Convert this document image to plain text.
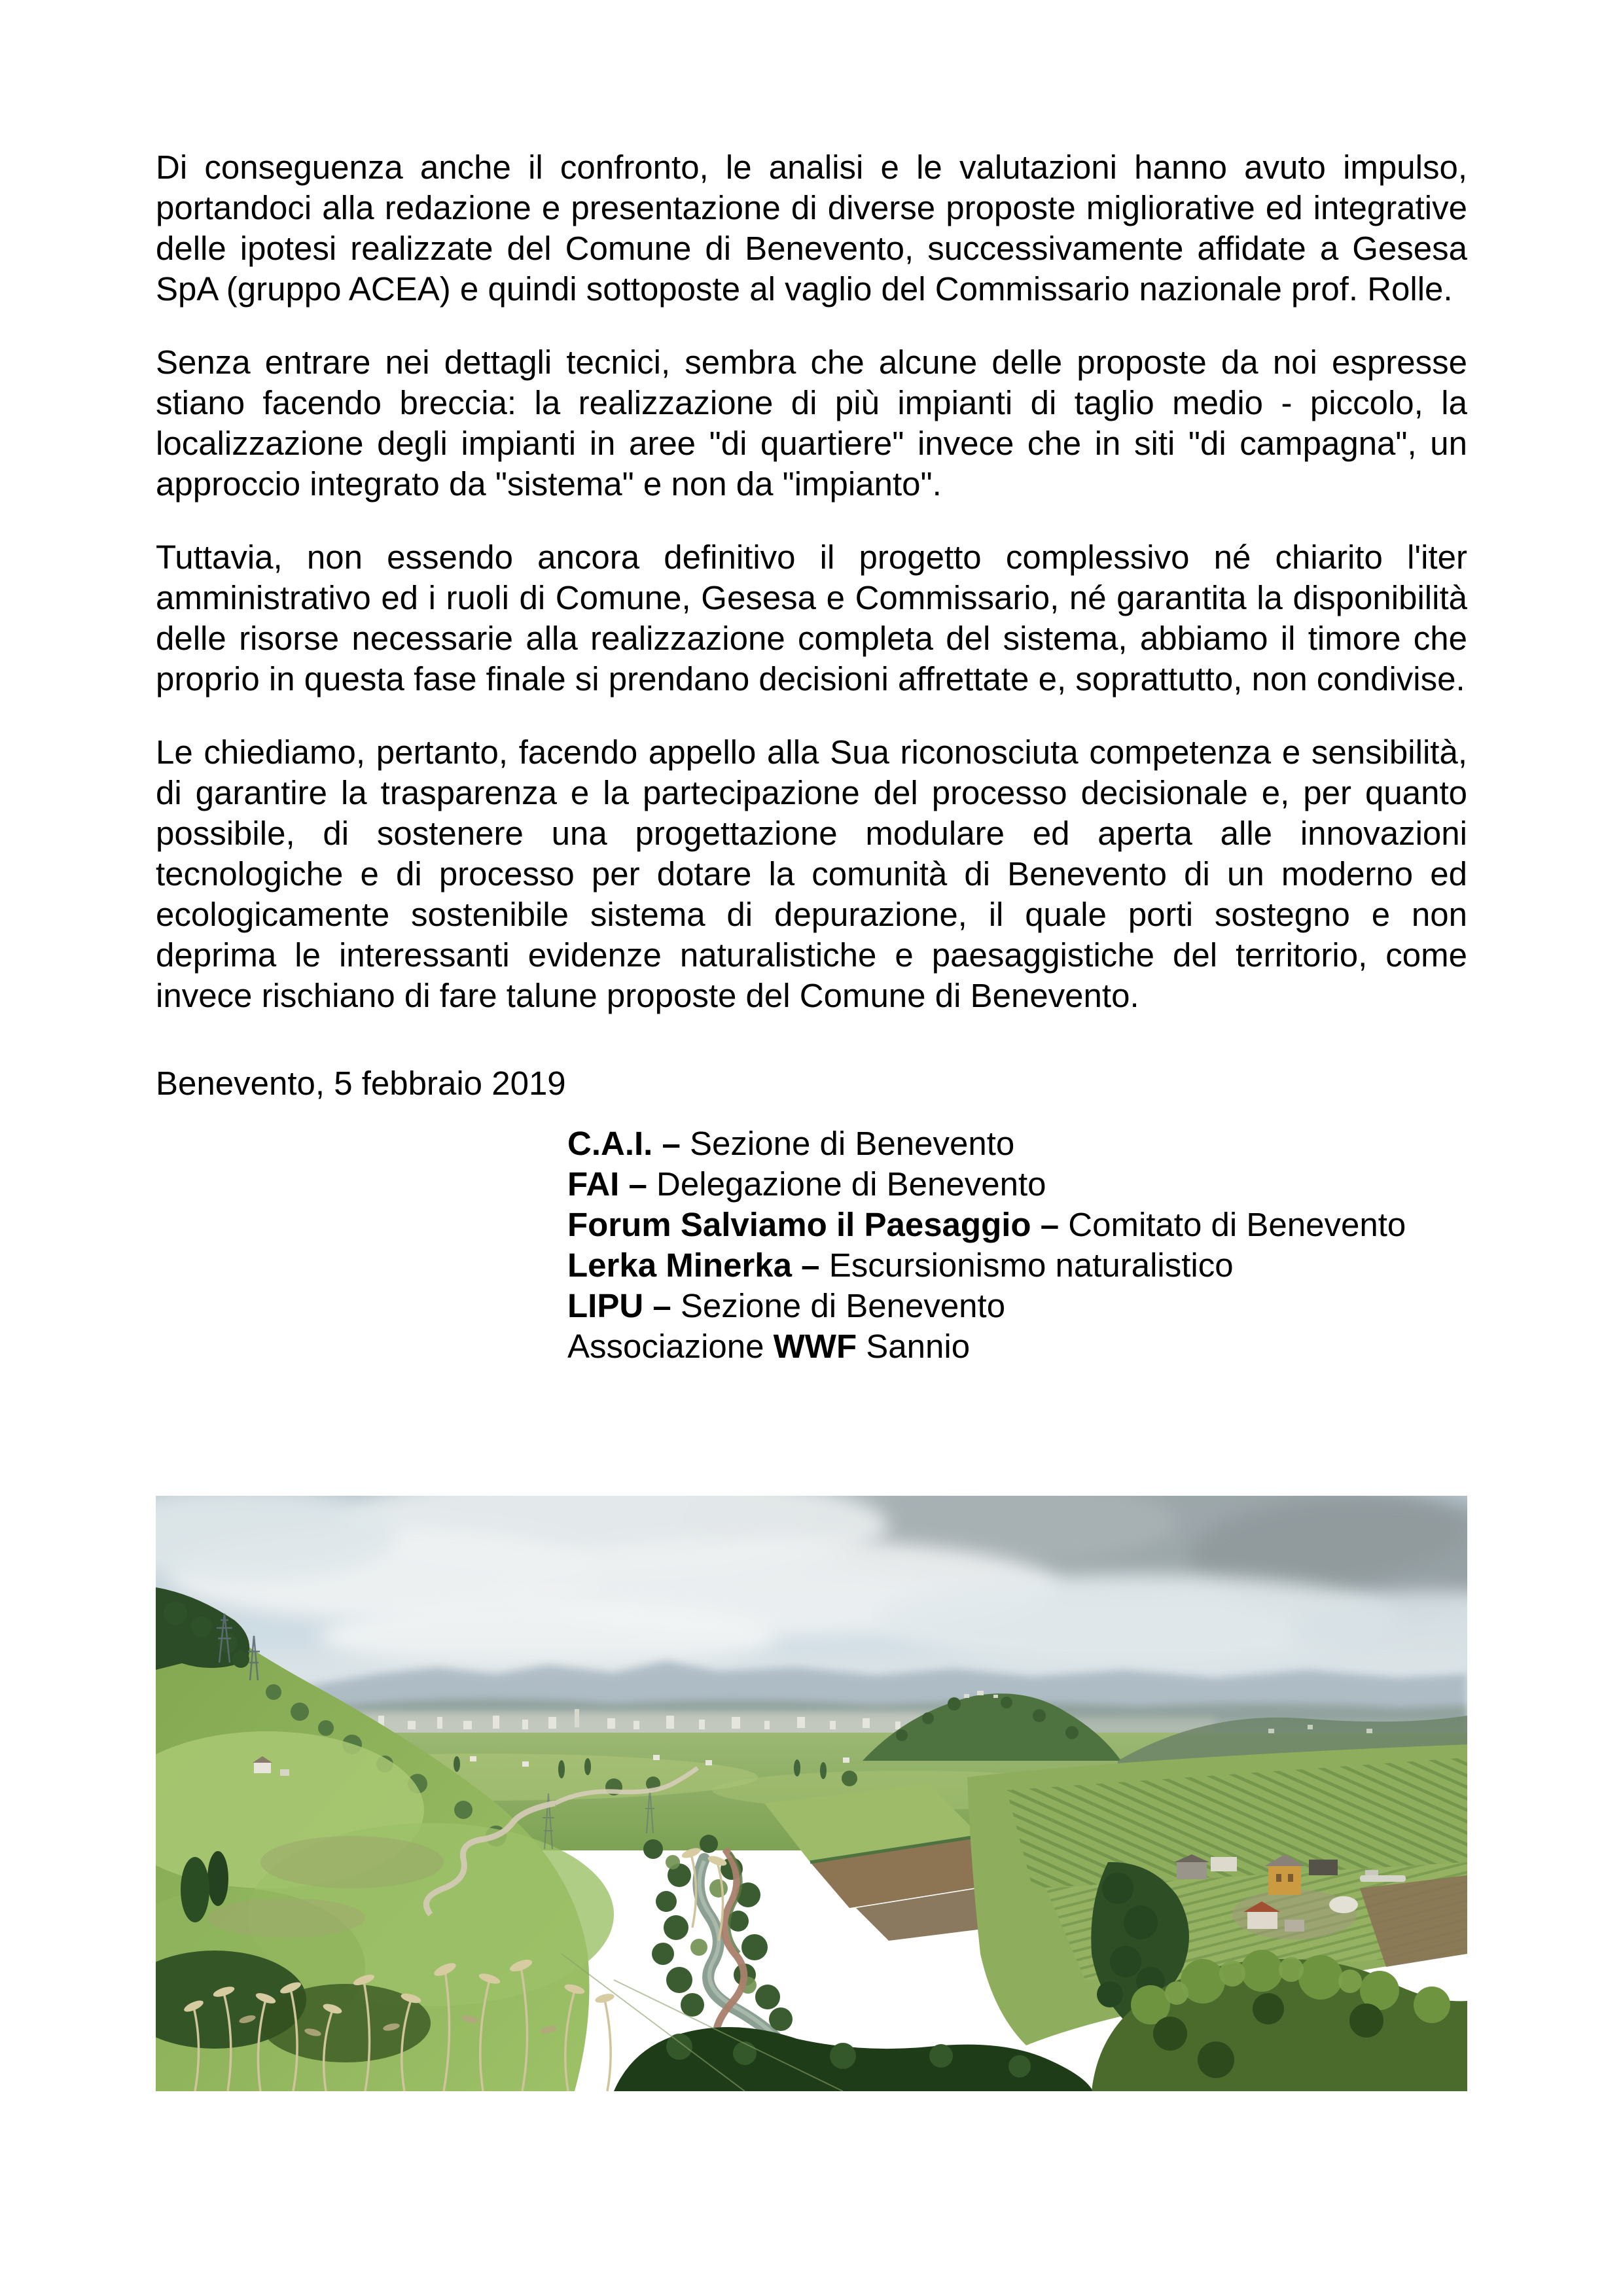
Di conseguenza anche il confronto, le analisi e le valutazioni hanno avuto impulso, portandoci alla redazione e presentazione di diverse proposte migliorative ed integrative delle ipotesi realizzate del Comune di Benevento, successivamente affidate a Gesesa SpA (gruppo ACEA) e quindi sottoposte al vaglio del Commissario nazionale prof. Rolle.

Senza entrare nei dettagli tecnici, sembra che alcune delle proposte da noi espresse stiano facendo breccia: la realizzazione di più impianti di taglio medio - piccolo, la localizzazione degli impianti in aree "di quartiere" invece che in siti "di campagna", un approccio integrato da "sistema" e non da "impianto".

Tuttavia, non essendo ancora definitivo il progetto complessivo né chiarito l'iter amministrativo ed i ruoli di Comune, Gesesa e Commissario, né garantita la disponibilità delle risorse necessarie alla realizzazione completa del sistema, abbiamo il timore che proprio in questa fase finale si prendano decisioni affrettate e, soprattutto, non condivise.

Le chiediamo, pertanto, facendo appello alla Sua riconosciuta competenza e sensibilità, di garantire la trasparenza e la partecipazione del processo decisionale e, per quanto possibile, di sostenere una progettazione modulare ed aperta alle innovazioni tecnologiche e di processo per dotare la comunità di Benevento di un moderno ed ecologicamente sostenibile sistema di depurazione, il quale porti sostegno e non deprima le interessanti evidenze naturalistiche e paesaggistiche del territorio, come invece rischiano di fare talune proposte del Comune di Benevento.

Benevento, 5 febbraio 2019

C.A.I. – Sezione di Benevento
FAI – Delegazione di Benevento
Forum Salviamo il Paesaggio – Comitato di Benevento
Lerka Minerka – Escursionismo naturalistico
LIPU – Sezione di Benevento
Associazione WWF Sannio
